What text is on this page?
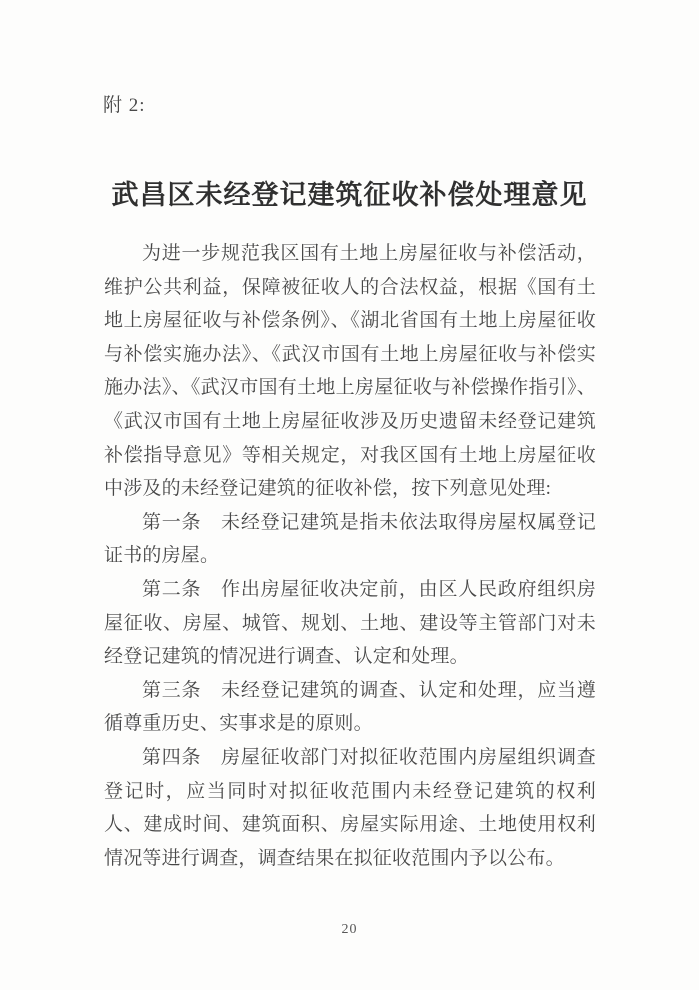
附 2:
武昌区未经登记建筑征收补偿处理意见

为进一步规范我区国有土地上房屋征收与补偿活动，维护公共利益，保障被征收人的合法权益，根据《国有土地上房屋征收与补偿条例》、《湖北省国有土地上房屋征收与补偿实施办法》、《武汉市国有土地上房屋征收与补偿实施办法》、《武汉市国有土地上房屋征收与补偿操作指引》、《武汉市国有土地上房屋征收涉及历史遗留未经登记建筑补偿指导意见》等相关规定，对我区国有土地上房屋征收中涉及的未经登记建筑的征收补偿，按下列意见处理:

第一条　未经登记建筑是指未依法取得房屋权属登记证书的房屋。

第二条　作出房屋征收决定前，由区人民政府组织房屋征收、房屋、城管、规划、土地、建设等主管部门对未经登记建筑的情况进行调查、认定和处理。

第三条　未经登记建筑的调查、认定和处理，应当遵循尊重历史、实事求是的原则。

第四条　房屋征收部门对拟征收范围内房屋组织调查登记时，应当同时对拟征收范围内未经登记建筑的权利人、建成时间、建筑面积、房屋实际用途、土地使用权利情况等进行调查，调查结果在拟征收范围内予以公布。

20
